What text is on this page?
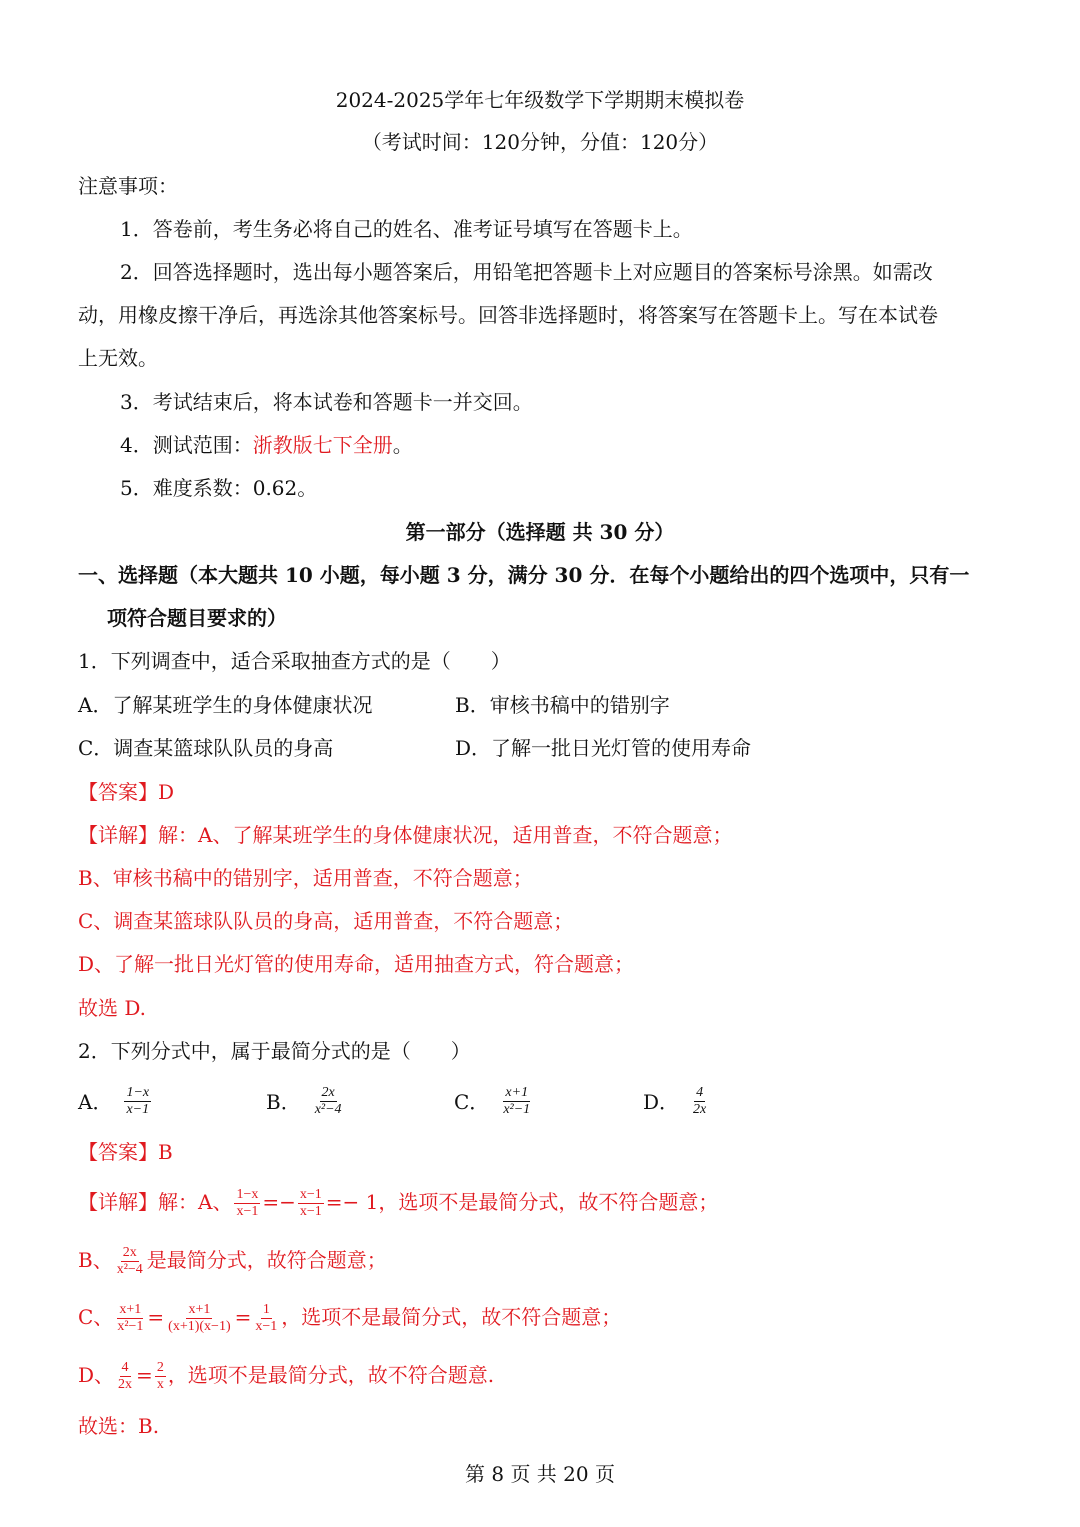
2024-2025学年七年级数学下学期期末模拟卷
（考试时间：120分钟，分值：120分）
注意事项：
1．答卷前，考生务必将自己的姓名、准考证号填写在答题卡上。
2．回答选择题时，选出每小题答案后，用铅笔把答题卡上对应题目的答案标号涂黑。如需改
动，用橡皮擦干净后，再选涂其他答案标号。回答非选择题时，将答案写在答题卡上。写在本试卷
上无效。
3．考试结束后，将本试卷和答题卡一并交回。
4．测试范围：浙教版七下全册。
5．难度系数：0.62。
第一部分（选择题 共 30 分）
一、选择题（本大题共 10 小题，每小题 3 分，满分 30 分．在每个小题给出的四个选项中，只有一
项符合题目要求的）
1．下列调查中，适合采取抽查方式的是（　　）
A．了解某班学生的身体健康状况	B．审核书稿中的错别字
C．调查某篮球队队员的身高	D．了解一批日光灯管的使用寿命
【答案】D
【详解】解：A、了解某班学生的身体健康状况，适用普查，不符合题意；
B、审核书稿中的错别字，适用普查，不符合题意；
C、调查某篮球队队员的身高，适用普查，不符合题意；
D、了解一批日光灯管的使用寿命，适用抽查方式，符合题意；
故选 D.
2．下列分式中，属于最简分式的是（　　）
A． $\frac{1-x}{x-1}$	B． $\frac{2x}{\text{x²−4}}$	C． $\frac{x+1}{\text{x²−1}}$	D． $\frac{4}{2x}$
【答案】B
【详解】解：A、 $\frac{1-x}{x-1} =- \frac{x-1}{x-1} =- 1$，选项不是最简分式，故不符合题意；
B、 $\frac{2x}{\text{x²−4}}$ 是最简分式，故符合题意；
C、 $\frac{x+1}{\text{x²−1}} = \frac{x+1}{(x+1)(x-1)} = \frac{1}{x-1}$ ，选项不是最简分式，故不符合题意；
D、 $\frac{4}{2x} = \frac{2}{x}$ ，选项不是最简分式，故不符合题意.
故选：B.
第 8 页 共 20 页
